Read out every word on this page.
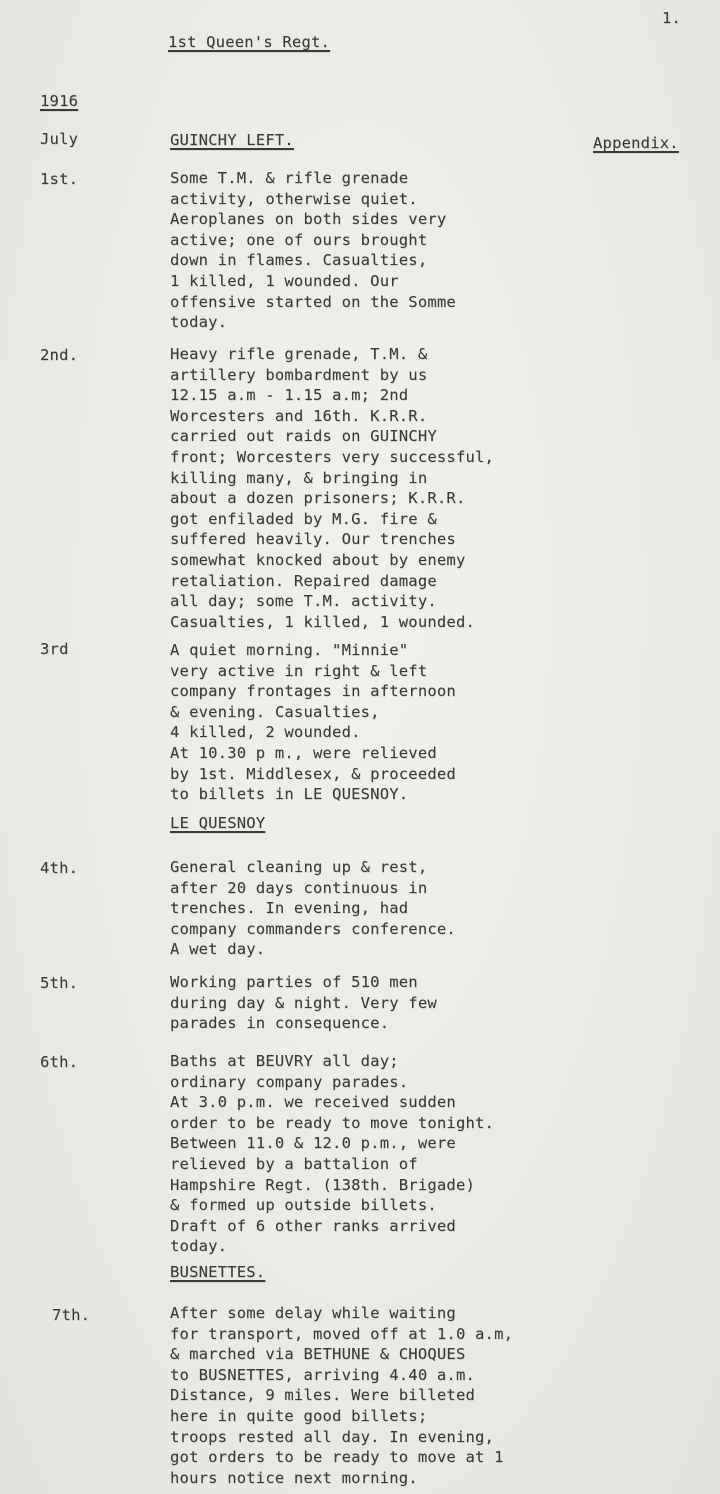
1.

1st Queen's Regt.

1916

July	GUINCHY LEFT.	Appendix.

1st.	Some T.M. & rifle grenade
activity, otherwise quiet.
Aeroplanes on both sides very
active; one of ours brought
down in flames. Casualties,
1 killed, 1 wounded. Our
offensive started on the Somme
today.

2nd.	Heavy rifle grenade, T.M. &
artillery bombardment by us
12.15 a.m - 1.15 a.m; 2nd
Worcesters and 16th. K.R.R.
carried out raids on GUINCHY
front; Worcesters very successful,
killing many, & bringing in
about a dozen prisoners; K.R.R.
got enfiladed by M.G. fire &
suffered heavily. Our trenches
somewhat knocked about by enemy
retaliation. Repaired damage
all day; some T.M. activity.
Casualties, 1 killed, 1 wounded.

3rd	A quiet morning. "Minnie"
very active in right & left
company frontages in afternoon
& evening. Casualties,
4 killed, 2 wounded.
At 10.30 p m., were relieved
by 1st. Middlesex, & proceeded
to billets in LE QUESNOY.

LE QUESNOY

4th.	General cleaning up & rest,
after 20 days continuous in
trenches. In evening, had
company commanders conference.
A wet day.

5th.	Working parties of 510 men
during day & night. Very few
parades in consequence.

6th.	Baths at BEUVRY all day;
ordinary company parades.
At 3.0 p.m. we received sudden
order to be ready to move tonight.
Between 11.0 & 12.0 p.m., were
relieved by a battalion of
Hampshire Regt. (138th. Brigade)
& formed up outside billets.
Draft of 6 other ranks arrived
today.

BUSNETTES.

7th.	After some delay while waiting
for transport, moved off at 1.0 a.m,
& marched via BETHUNE & CHOQUES
to BUSNETTES, arriving 4.40 a.m.
Distance, 9 miles. Were billeted
here in quite good billets;
troops rested all day. In evening,
got orders to be ready to move at 1
hours notice next morning.
